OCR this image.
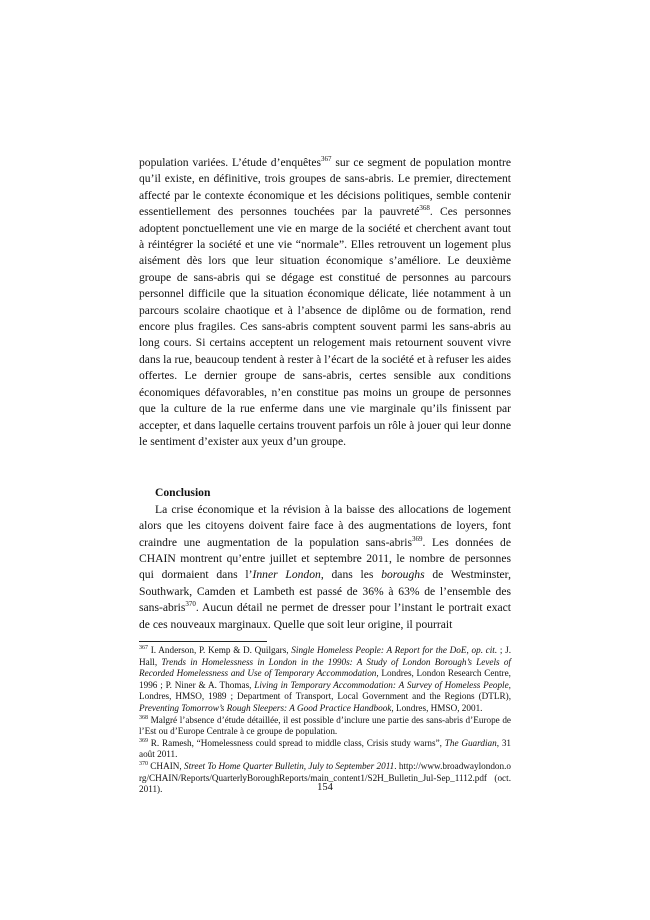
population variées. L’étude d’enquêtes$^{367}$ sur ce segment de population montre qu’il existe, en définitive, trois groupes de sans-abris. Le premier, directement affecté par le contexte économique et les décisions politiques, semble contenir essentiellement des personnes touchées par la pauvreté$^{368}$. Ces personnes adoptent ponctuellement une vie en marge de la société et cherchent avant tout à réintégrer la société et une vie “normale”. Elles retrouvent un logement plus aisément dès lors que leur situation économique s’améliore. Le deuxième groupe de sans-abris qui se dégage est constitué de personnes au parcours personnel difficile que la situation économique délicate, liée notamment à un parcours scolaire chaotique et à l’absence de diplôme ou de formation, rend encore plus fragiles. Ces sans-abris comptent souvent parmi les sans-abris au long cours. Si certains acceptent un relogement mais retournent souvent vivre dans la rue, beaucoup tendent à rester à l’écart de la société et à refuser les aides offertes. Le dernier groupe de sans-abris, certes sensible aux conditions économiques défavorables, n’en constitue pas moins un groupe de personnes que la culture de la rue enferme dans une vie marginale qu’ils finissent par accepter, et dans laquelle certains trouvent parfois un rôle à jouer qui leur donne le sentiment d’exister aux yeux d’un groupe.

Conclusion

La crise économique et la révision à la baisse des allocations de logement alors que les citoyens doivent faire face à des augmentations de loyers, font craindre une augmentation de la population sans-abris$^{369}$. Les données de CHAIN montrent qu’entre juillet et septembre 2011, le nombre de personnes qui dormaient dans l’Inner London, dans les boroughs de Westminster, Southwark, Camden et Lambeth est passé de 36% à 63% de l’ensemble des sans-abris$^{370}$. Aucun détail ne permet de dresser pour l’instant le portrait exact de ces nouveaux marginaux. Quelle que soit leur origine, il pourrait

$^{367}$ I. Anderson, P. Kemp & D. Quilgars, Single Homeless People: A Report for the DoE, op. cit. ; J. Hall, Trends in Homelessness in London in the 1990s: A Study of London Borough’s Levels of Recorded Homelessness and Use of Temporary Accommodation, Londres, London Research Centre, 1996 ; P. Niner & A. Thomas, Living in Temporary Accommodation: A Survey of Homeless People, Londres, HMSO, 1989 ; Department of Transport, Local Government and the Regions (DTLR), Preventing Tomorrow’s Rough Sleepers: A Good Practice Handbook, Londres, HMSO, 2001.

$^{368}$ Malgré l’absence d’étude détaillée, il est possible d’inclure une partie des sans-abris d’Europe de l’Est ou d’Europe Centrale à ce groupe de population.

$^{369}$ R. Ramesh, “Homelessness could spread to middle class, Crisis study warns”, The Guardian, 31 août 2011.

$^{370}$ CHAIN, Street To Home Quarter Bulletin, July to September 2011. http://www.broadwaylondon.org/CHAIN/Reports/QuarterlyBoroughReports/main_content1/S2H_Bulletin_Jul-Sep_1112.pdf (oct. 2011).	154
